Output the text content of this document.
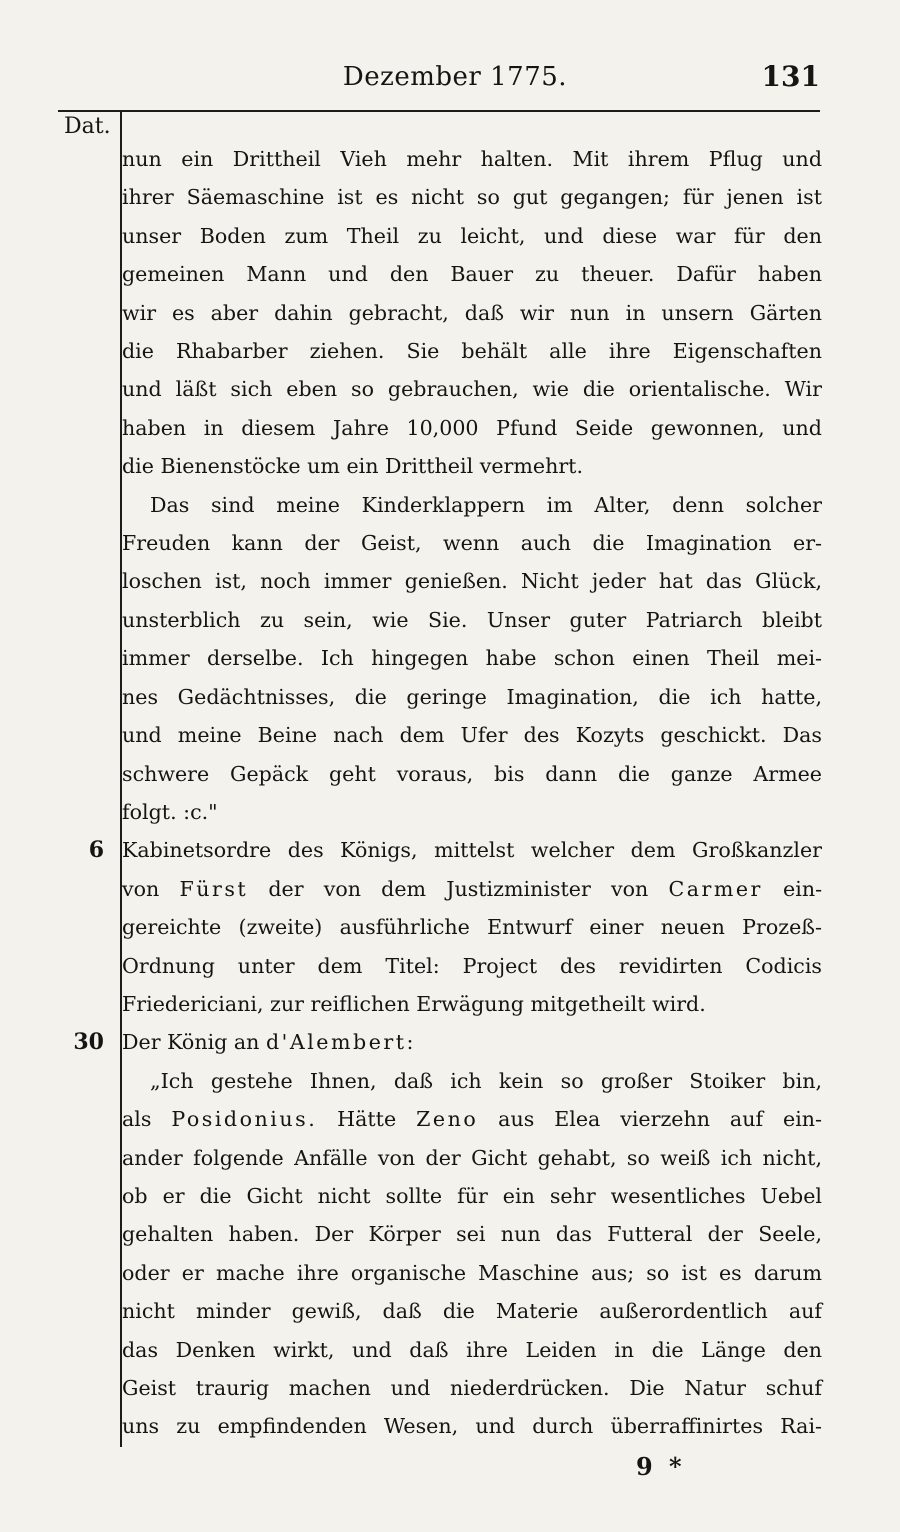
Dezember 1775.	131
Dat.

nun ein Drittheil Vieh mehr halten. Mit ihrem Pflug und

ihrer Säemaschine ist es nicht so gut gegangen; für jenen ist

unser Boden zum Theil zu leicht, und diese war für den

gemeinen Mann und den Bauer zu theuer. Dafür haben

wir es aber dahin gebracht, daß wir nun in unsern Gärten

die Rhabarber ziehen. Sie behält alle ihre Eigenschaften

und läßt sich eben so gebrauchen, wie die orientalische. Wir

haben in diesem Jahre 10,000 Pfund Seide gewonnen, und

die Bienenstöcke um ein Drittheil vermehrt.

Das sind meine Kinderklappern im Alter, denn solcher

Freuden kann der Geist, wenn auch die Imagination er-

loschen ist, noch immer genießen. Nicht jeder hat das Glück,

unsterblich zu sein, wie Sie. Unser guter Patriarch bleibt

immer derselbe. Ich hingegen habe schon einen Theil mei-

nes Gedächtnisses, die geringe Imagination, die ich hatte,

und meine Beine nach dem Ufer des Kozyts geschickt. Das

schwere Gepäck geht voraus, bis dann die ganze Armee

folgt. :c."

6 Kabinetsordre des Königs, mittelst welcher dem Großkanzler

von Fürst der von dem Justizminister von Carmer ein-

gereichte (zweite) ausführliche Entwurf einer neuen Prozeß-

Ordnung unter dem Titel: Project des revidirten Codicis

Friedericiani, zur reiflichen Erwägung mitgetheilt wird.

30 Der König an d'Alembert:

„Ich gestehe Ihnen, daß ich kein so großer Stoiker bin,

als Posidonius. Hätte Zeno aus Elea vierzehn auf ein-

ander folgende Anfälle von der Gicht gehabt, so weiß ich nicht,

ob er die Gicht nicht sollte für ein sehr wesentliches Uebel

gehalten haben. Der Körper sei nun das Futteral der Seele,

oder er mache ihre organische Maschine aus; so ist es darum

nicht minder gewiß, daß die Materie außerordentlich auf

das Denken wirkt, und daß ihre Leiden in die Länge den

Geist traurig machen und niederdrücken. Die Natur schuf

uns zu empfindenden Wesen, und durch überraffinirtes Rai-

9 *
